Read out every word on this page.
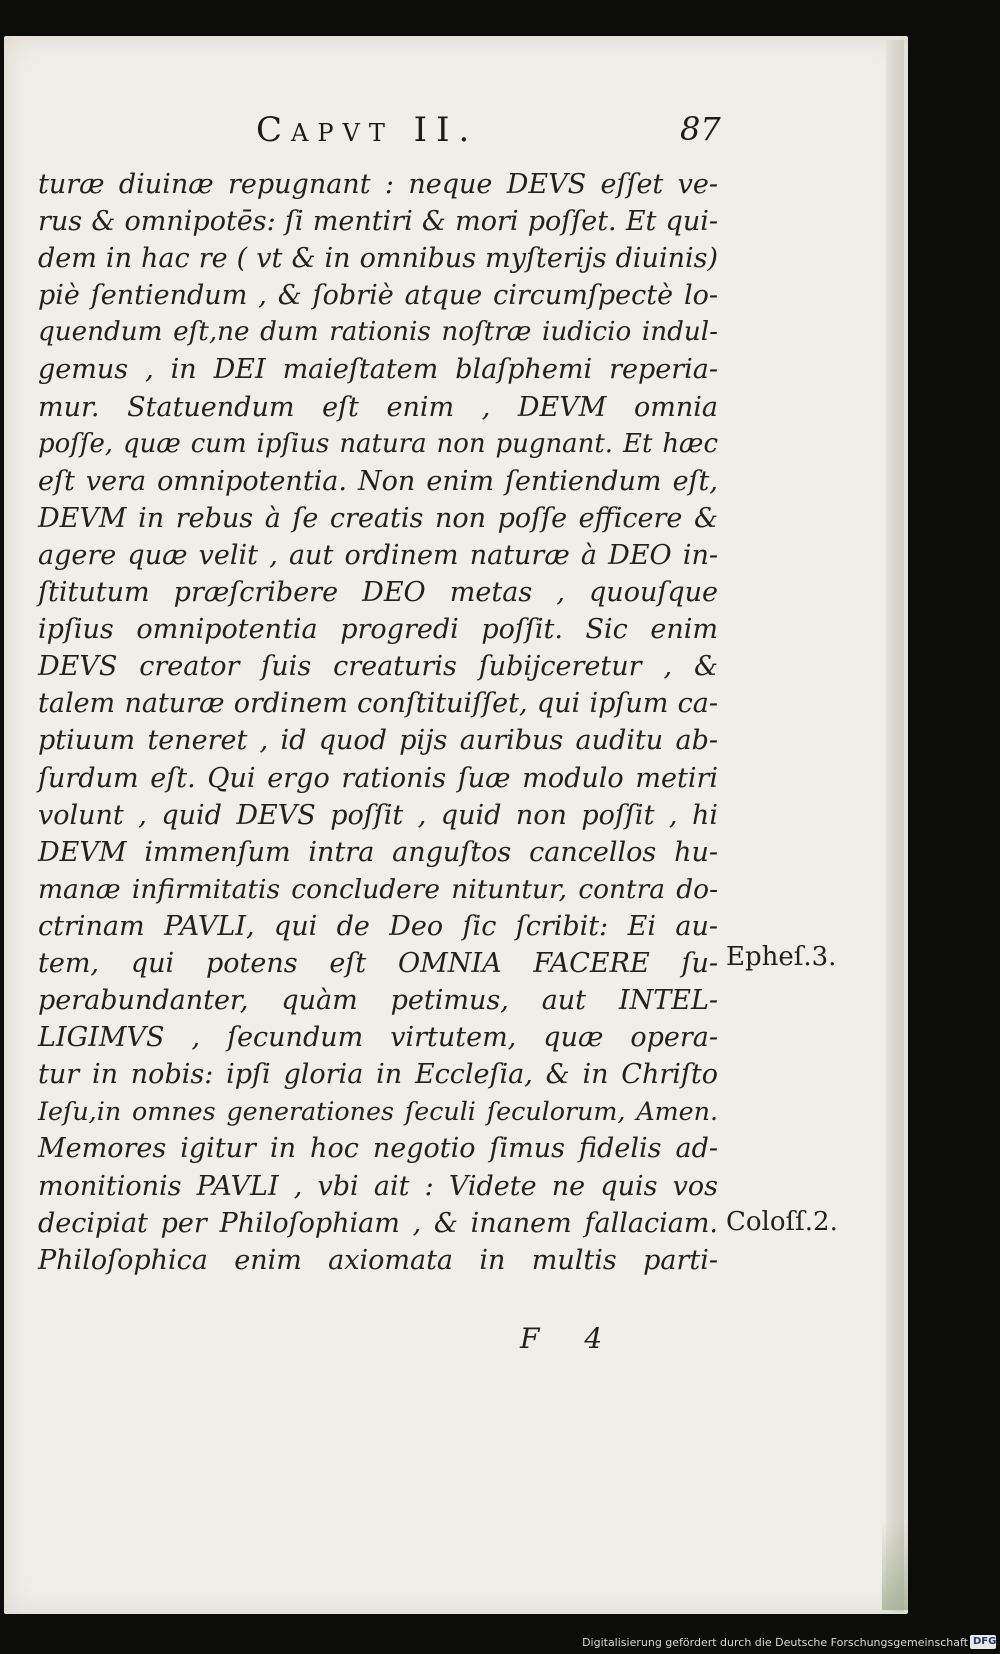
Capvt II.	87
turæ diuinæ repugnant : neque DEVS eſſet ve-
rus & omnipotēs: ſi mentiri & mori poſſet. Et qui-
dem in hac re ( vt & in omnibus myſterijs diuinis)
piè ſentiendum , & ſobriè atque circumſpectè lo-
quendum eſt,ne dum rationis noſtræ iudicio indul-
gemus , in DEI maieſtatem blaſphemi reperia-
mur. Statuendum eſt enim , DEVM omnia
poſſe, quæ cum ipſius natura non pugnant. Et hæc
eſt vera omnipotentia. Non enim ſentiendum eſt,
DEVM in rebus à ſe creatis non poſſe efficere &
agere quæ velit , aut ordinem naturæ à DEO in-
ſtitutum præſcribere DEO metas , quouſque
ipſius omnipotentia progredi poſſit. Sic enim
DEVS creator ſuis creaturis ſubijceretur , &
talem naturæ ordinem conſtituiſſet, qui ipſum ca-
ptiuum teneret , id quod pijs auribus auditu ab-
ſurdum eſt. Qui ergo rationis ſuæ modulo metiri
volunt , quid DEVS poſſit , quid non poſſit , hi
DEVM immenſum intra anguſtos cancellos hu-
manæ infirmitatis concludere nituntur, contra do-
ctrinam PAVLI, qui de Deo ſic ſcribit: Ei au-
tem, qui potens eſt OMNIA FACERE ſu-
perabundanter, quàm petimus, aut INTEL-
LIGIMVS , ſecundum virtutem, quæ opera-
tur in nobis: ipſi gloria in Eccleſia, & in Chriſto
Ieſu,in omnes generationes ſeculi ſeculorum, Amen.
Memores igitur in hoc negotio ſimus fidelis ad-
monitionis PAVLI , vbi ait : Videte ne quis vos
decipiat per Philoſophiam , & inanem fallaciam.
Philoſophica enim axiomata in multis parti-
Epheſ.3.
Coloſſ.2.
F 4
Digitalisierung gefördert durch die Deutsche Forschungsgemeinschaft DFG
